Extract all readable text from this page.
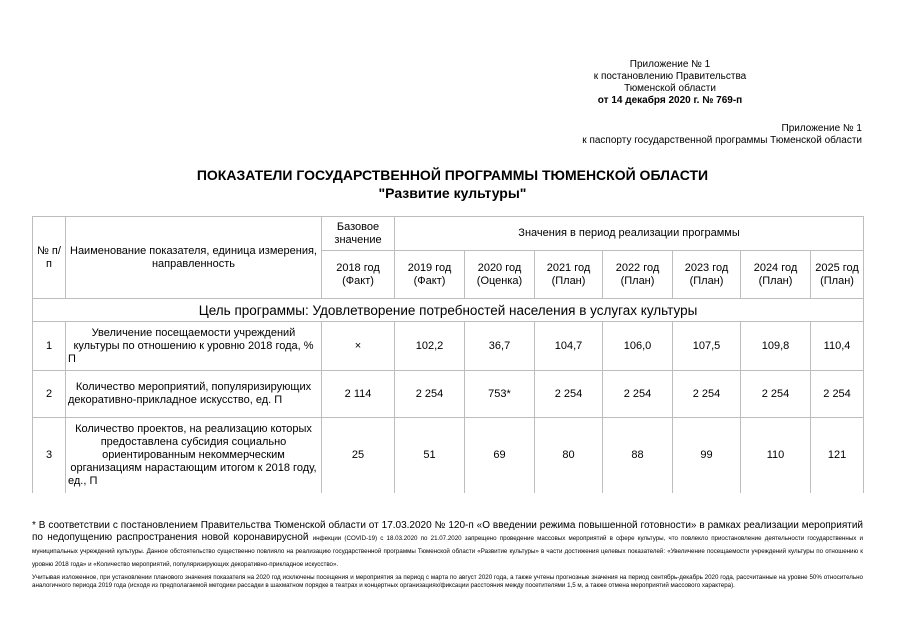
Приложение № 1
к постановлению Правительства
Тюменской области
от 14 декабря 2020 г. № 769-п
Приложение № 1
к паспорту государственной программы Тюменской области
ПОКАЗАТЕЛИ ГОСУДАРСТВЕННОЙ ПРОГРАММЫ ТЮМЕНСКОЙ ОБЛАСТИ
"Развитие культуры"
№ п/п	Наименование показателя, единица измерения, направленность	Базовое значение	Значения в период реализации программы						
		2018 год (Факт)	2019 год (Факт)	2020 год (Оценка)	2021 год (План)	2022 год (План)	2023 год (План)	2024 год (План)	2025 год (План)
Цель программы: Удовлетворение потребностей населения в услугах культуры									
1	Увеличение посещаемости учреждений культуры по отношению к уровню 2018 года, % П	×	102,2	36,7	104,7	106,0	107,5	109,8	110,4
2	Количество мероприятий, популяризирующих декоративно-прикладное искусство, ед. П	2 114	2 254	753*	2 254	2 254	2 254	2 254	2 254
3	Количество проектов, на реализацию которых предоставлена субсидия социально ориентированным некоммерческим организациям нарастающим итогом к 2018 году, ед., П	25	51	69	80	88	99	110	121
* В соответствии с постановлением Правительства Тюменской области от 17.03.2020 № 120-п «О введении режима повышенной готовности» в рамках реализации мероприятий по недопущению распространения новой коронавирусной инфекции (COVID-19) с 18.03.2020 по 21.07.2020 запрещено проведение массовых мероприятий в сфере культуры, что повлекло приостановление деятельности государственных и муниципальных учреждений культуры. Данное обстоятельство существенно повлияло на реализацию государственной программы Тюменской области «Развитие культуры» в части достижения целевых показателей: «Увеличение посещаемости учреждений культуры по отношению к уровню 2018 года» и «Количество мероприятий, популяризирующих декоративно-прикладное искусство».
Учитывая изложенное, при установлении планового значения показателя на 2020 год исключены посещения и мероприятия за период с марта по август 2020 года, а также учтены прогнозные значения на период сентябрь-декабрь 2020 года, рассчитанные на уровне 50% относительно аналогичного периода 2019 года (исходя из предполагаемой методики рассадки в шахматном порядке в театрах и концертных организациях/фиксации расстояния между посетителями 1,5 м, а также отмена мероприятий массового характера).
